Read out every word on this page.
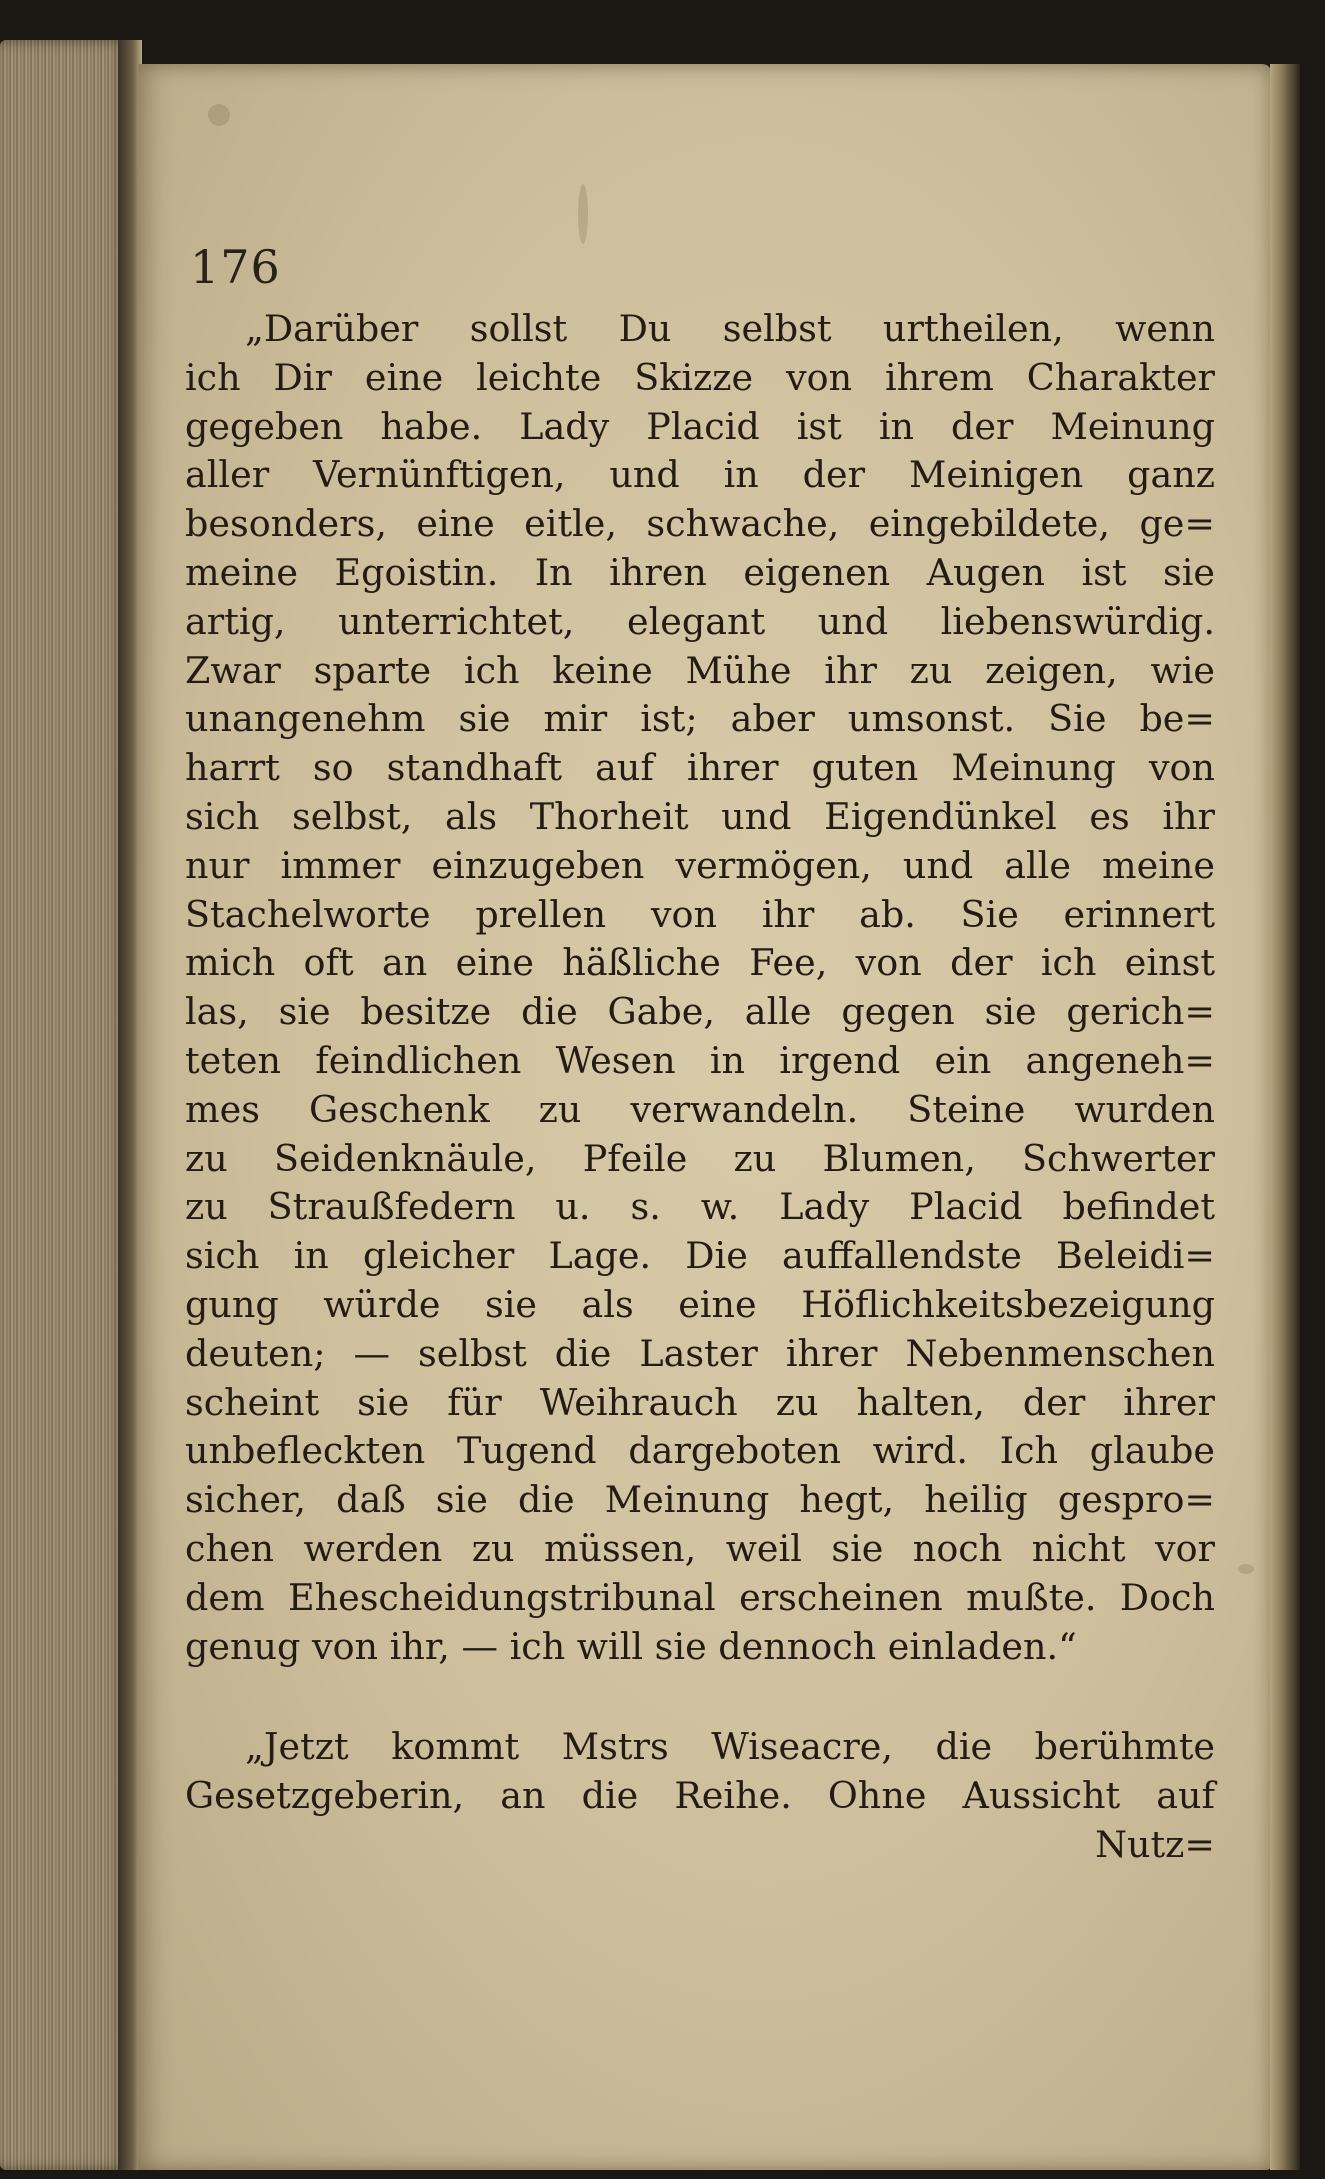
176
„Darüber sollst Du selbst urtheilen, wenn
ich Dir eine leichte Skizze von ihrem Charakter
gegeben habe. Lady Placid ist in der Meinung
aller Vernünftigen, und in der Meinigen ganz
besonders, eine eitle, schwache, eingebildete, ge=
meine Egoistin. In ihren eigenen Augen ist sie
artig, unterrichtet, elegant und liebenswürdig.
Zwar sparte ich keine Mühe ihr zu zeigen, wie
unangenehm sie mir ist; aber umsonst. Sie be=
harrt so standhaft auf ihrer guten Meinung von
sich selbst, als Thorheit und Eigendünkel es ihr
nur immer einzugeben vermögen, und alle meine
Stachelworte prellen von ihr ab. Sie erinnert
mich oft an eine häßliche Fee, von der ich einst
las, sie besitze die Gabe, alle gegen sie gerich=
teten feindlichen Wesen in irgend ein angeneh=
mes Geschenk zu verwandeln. Steine wurden
zu Seidenknäule, Pfeile zu Blumen, Schwerter
zu Straußfedern u. s. w. Lady Placid befindet
sich in gleicher Lage. Die auffallendste Beleidi=
gung würde sie als eine Höflichkeitsbezeigung
deuten; — selbst die Laster ihrer Nebenmenschen
scheint sie für Weihrauch zu halten, der ihrer
unbefleckten Tugend dargeboten wird. Ich glaube
sicher, daß sie die Meinung hegt, heilig gespro=
chen werden zu müssen, weil sie noch nicht vor
dem Ehescheidungstribunal erscheinen mußte. Doch
genug von ihr, — ich will sie dennoch einladen.“
„Jetzt kommt Mstrs Wiseacre, die berühmte
Gesetzgeberin, an die Reihe. Ohne Aussicht auf
Nutz=
